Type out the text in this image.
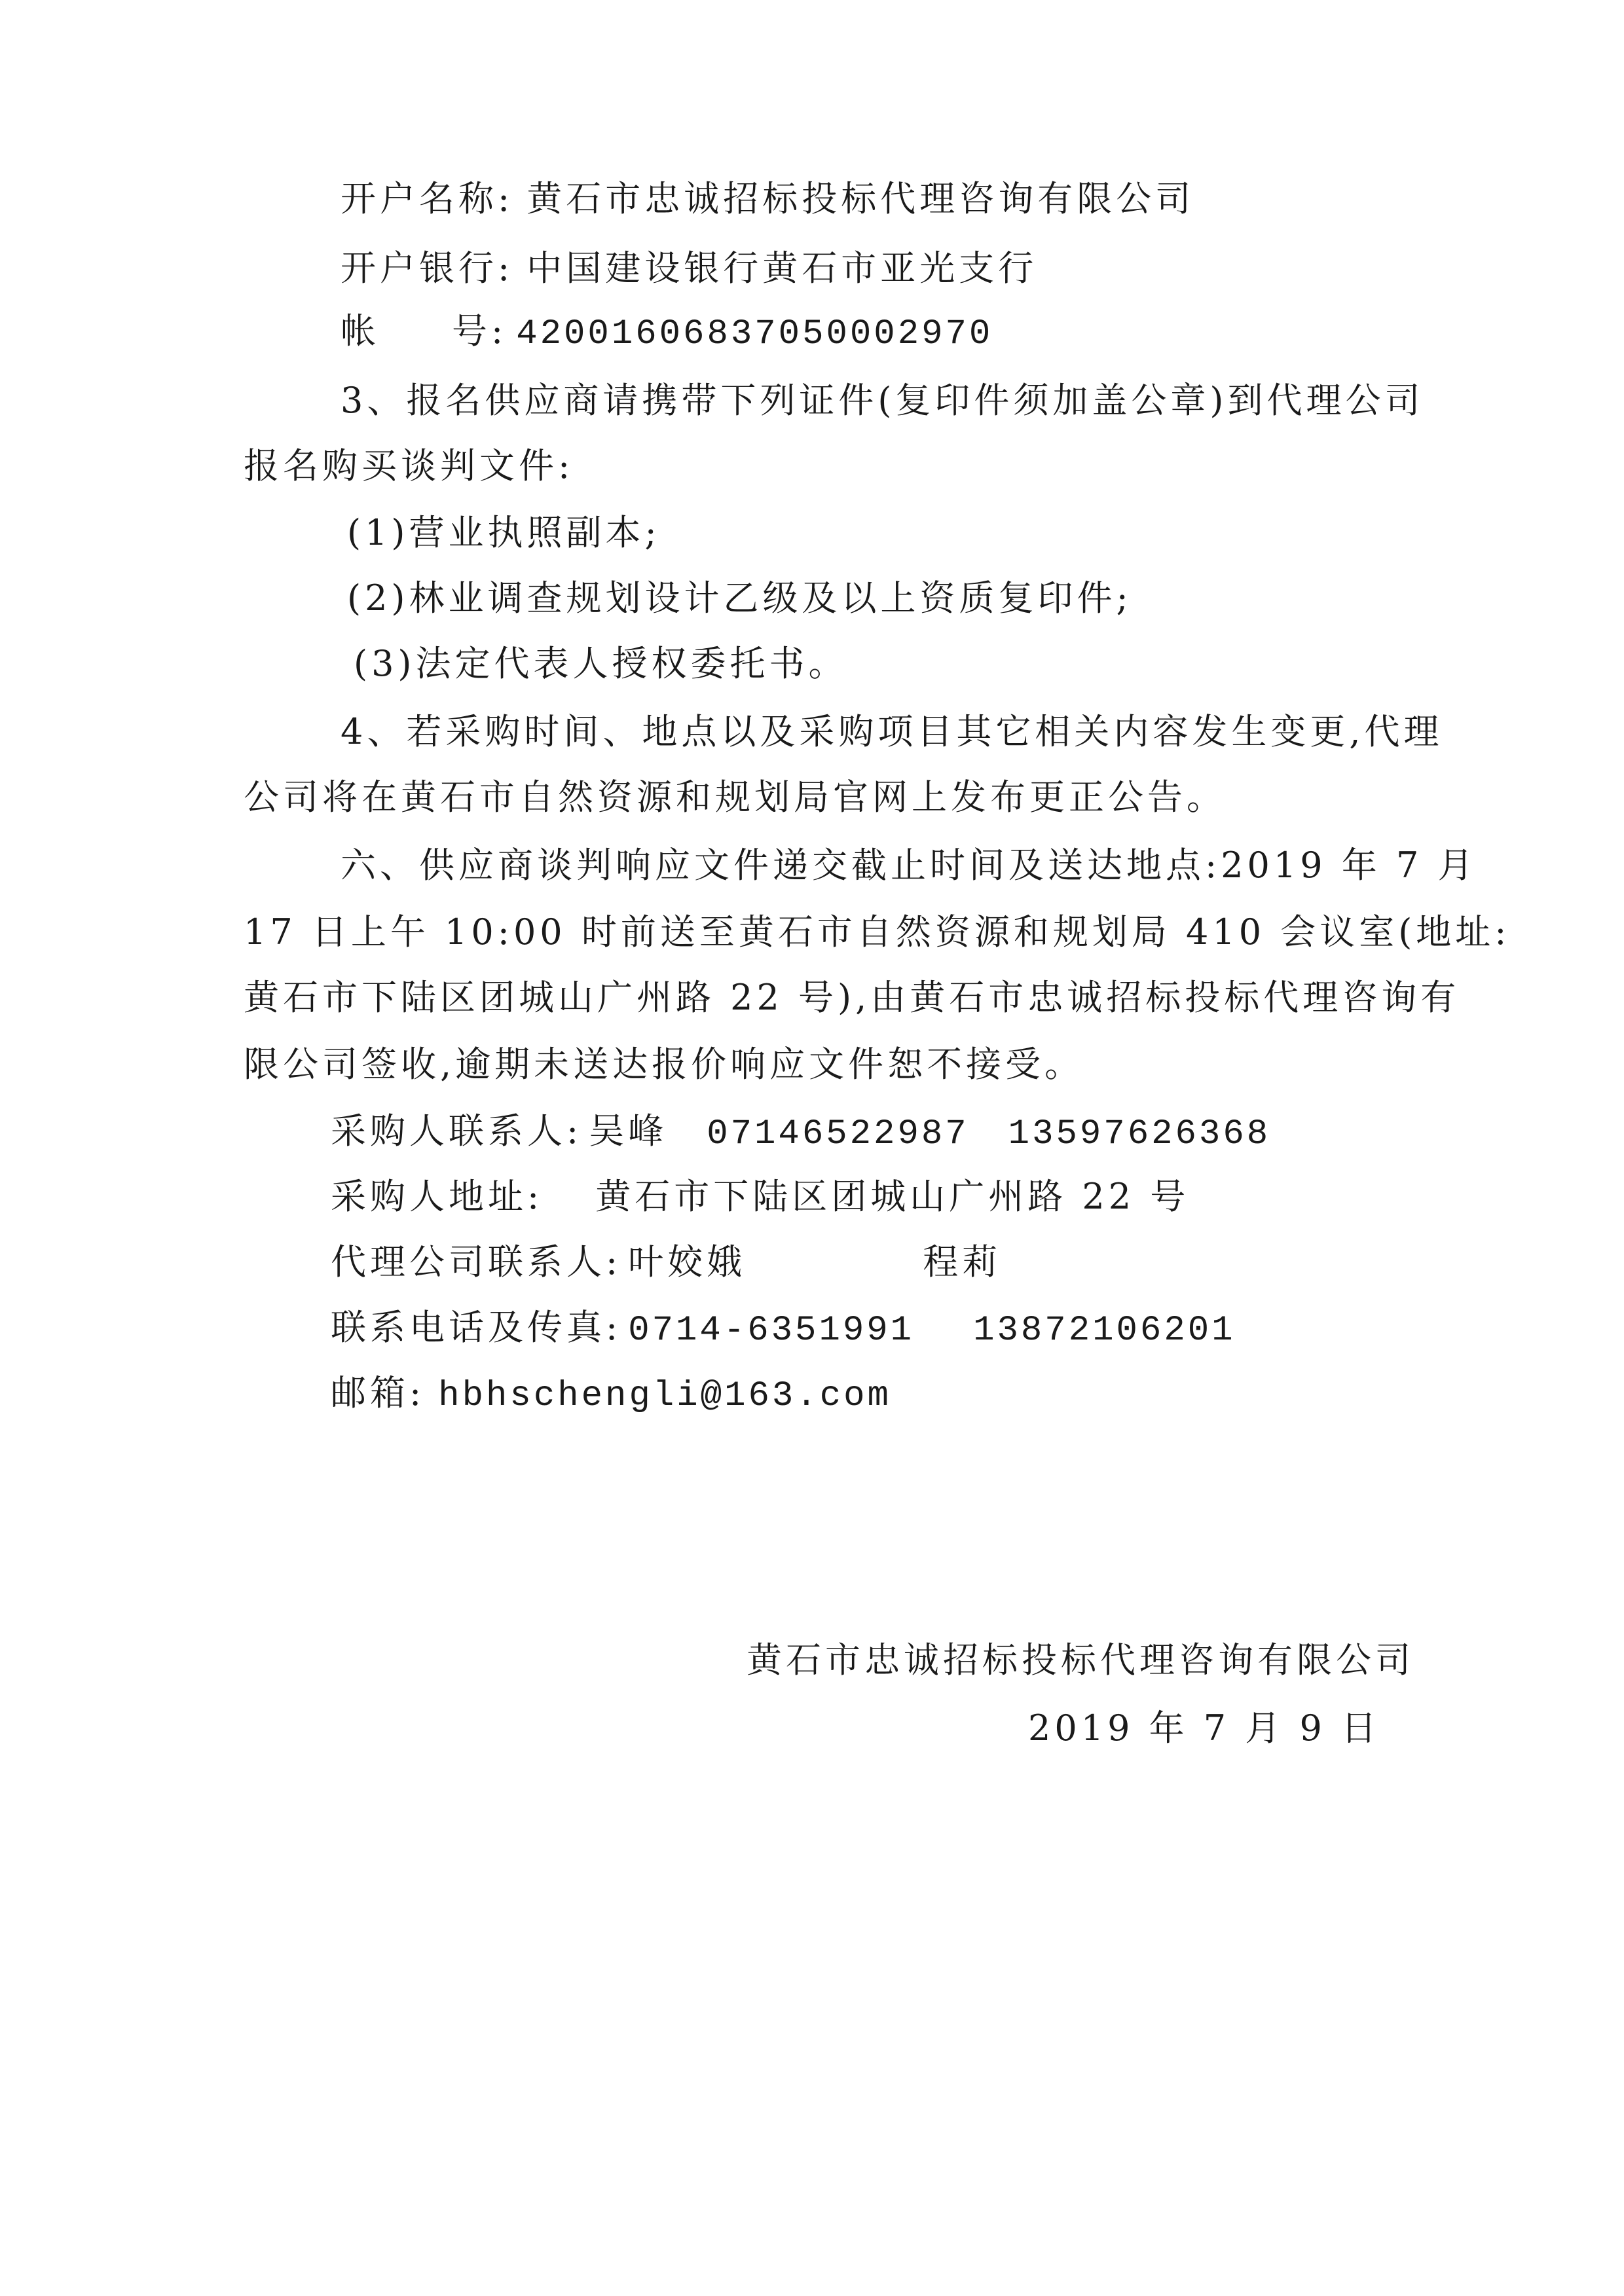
开户名称: 黄石市忠诚招标投标代理咨询有限公司
开户银行: 中国建设银行黄石市亚光支行
帐 号: 42001606837050002970
3、报名供应商请携带下列证件(复印件须加盖公章)到代理公司
报名购买谈判文件:
(1)营业执照副本;
(2)林业调查规划设计乙级及以上资质复印件;
(3)法定代表人授权委托书。
4、若采购时间、地点以及采购项目其它相关内容发生变更,代理
公司将在黄石市自然资源和规划局官网上发布更正公告。
六、供应商谈判响应文件递交截止时间及送达地点:2019 年 7 月
17 日上午 10:00 时前送至黄石市自然资源和规划局 410 会议室(地址:
黄石市下陆区团城山广州路 22 号),由黄石市忠诚招标投标代理咨询有
限公司签收,逾期未送达报价响应文件恕不接受。
采购人联系人: 吴峰 07146522987 13597626368
采购人地址: 黄石市下陆区团城山广州路 22 号
代理公司联系人: 叶姣娥	程莉
联系电话及传真: 0714-6351991 13872106201
邮箱: hbhschengli@163.com
黄石市忠诚招标投标代理咨询有限公司
2019 年 7 月 9 日
